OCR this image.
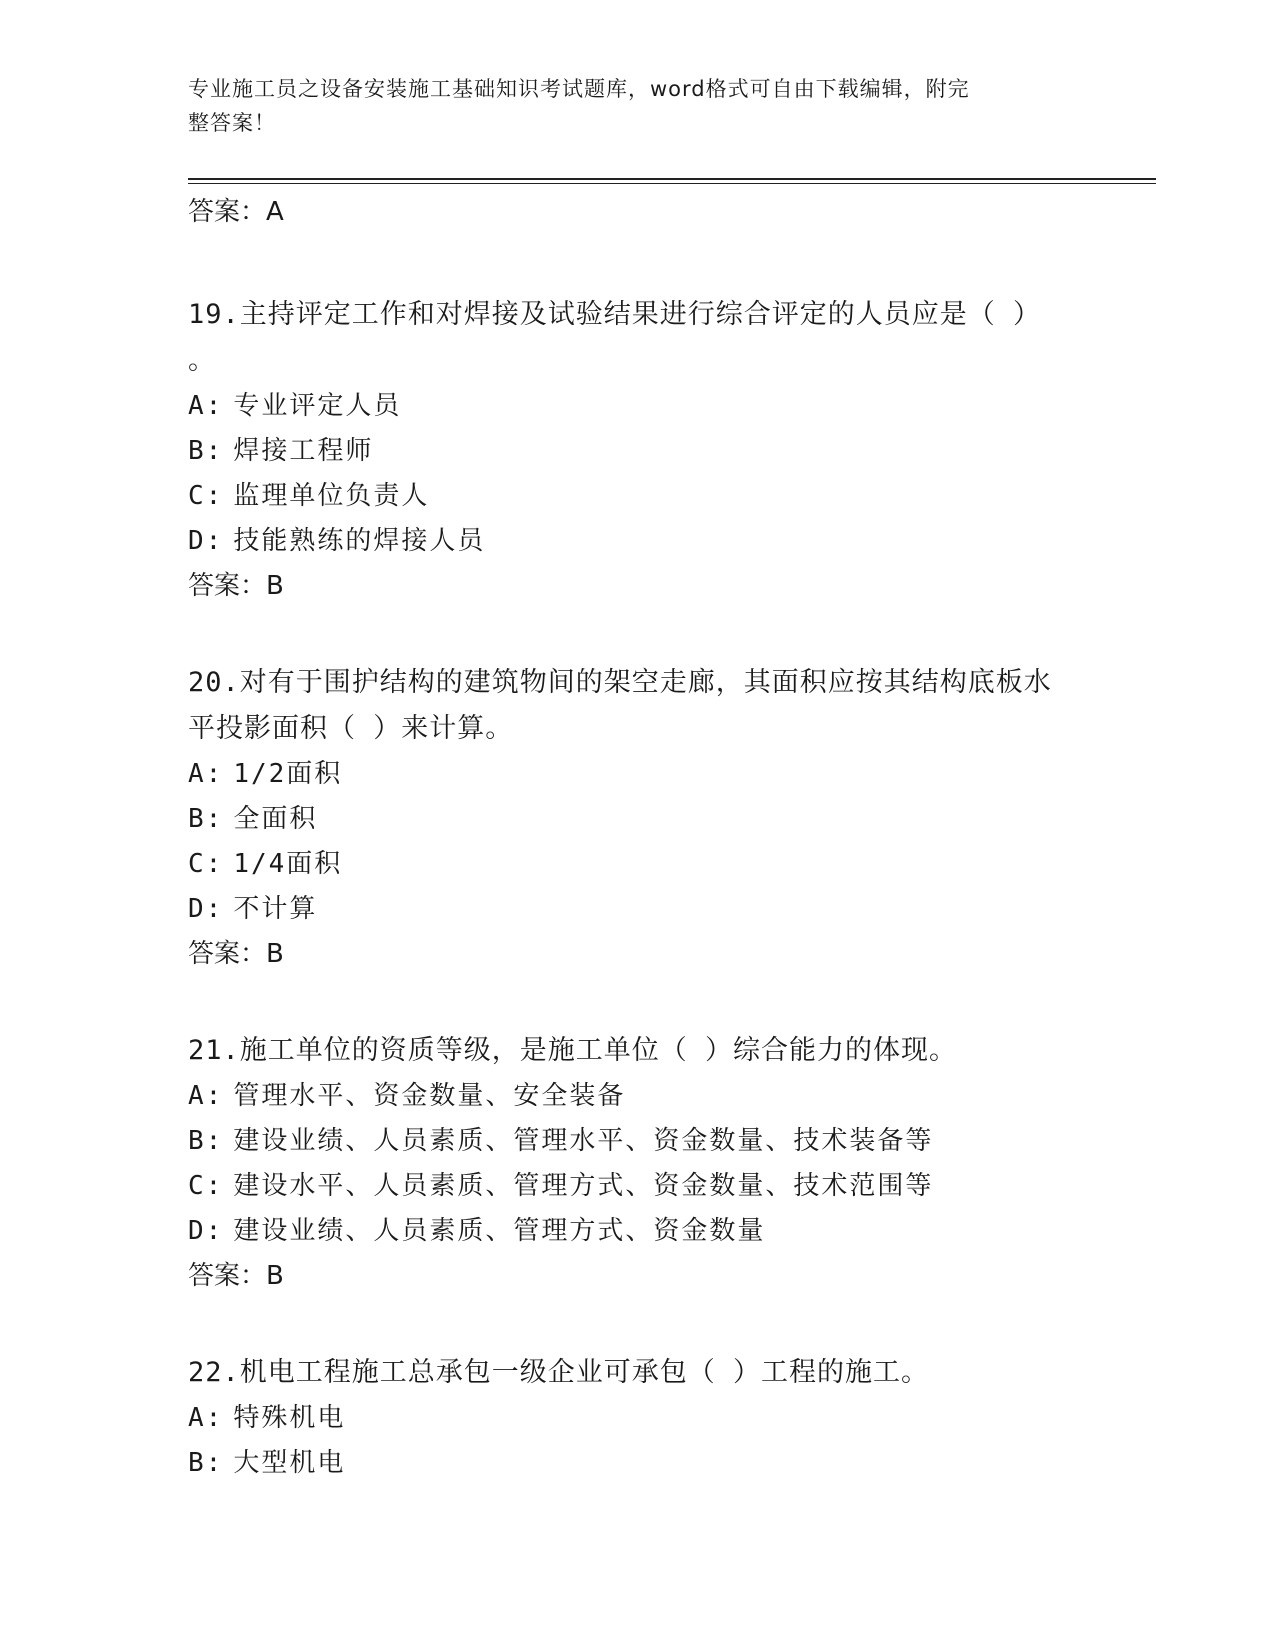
专业施工员之设备安装施工基础知识考试题库，word格式可自由下载编辑，附完
整答案！
答案：A
19.主持评定工作和对焊接及试验结果进行综合评定的人员应是（ ）
。
A: 专业评定人员
B: 焊接工程师
C: 监理单位负责人
D: 技能熟练的焊接人员
答案：B
20.对有于围护结构的建筑物间的架空走廊，其面积应按其结构底板水
平投影面积（ ）来计算。
A: 1/2面积
B: 全面积
C: 1/4面积
D: 不计算
答案：B
21.施工单位的资质等级，是施工单位（ ）综合能力的体现。
A: 管理水平、资金数量、安全装备
B: 建设业绩、人员素质、管理水平、资金数量、技术装备等
C: 建设水平、人员素质、管理方式、资金数量、技术范围等
D: 建设业绩、人员素质、管理方式、资金数量
答案：B
22.机电工程施工总承包一级企业可承包（ ）工程的施工。
A: 特殊机电
B: 大型机电
